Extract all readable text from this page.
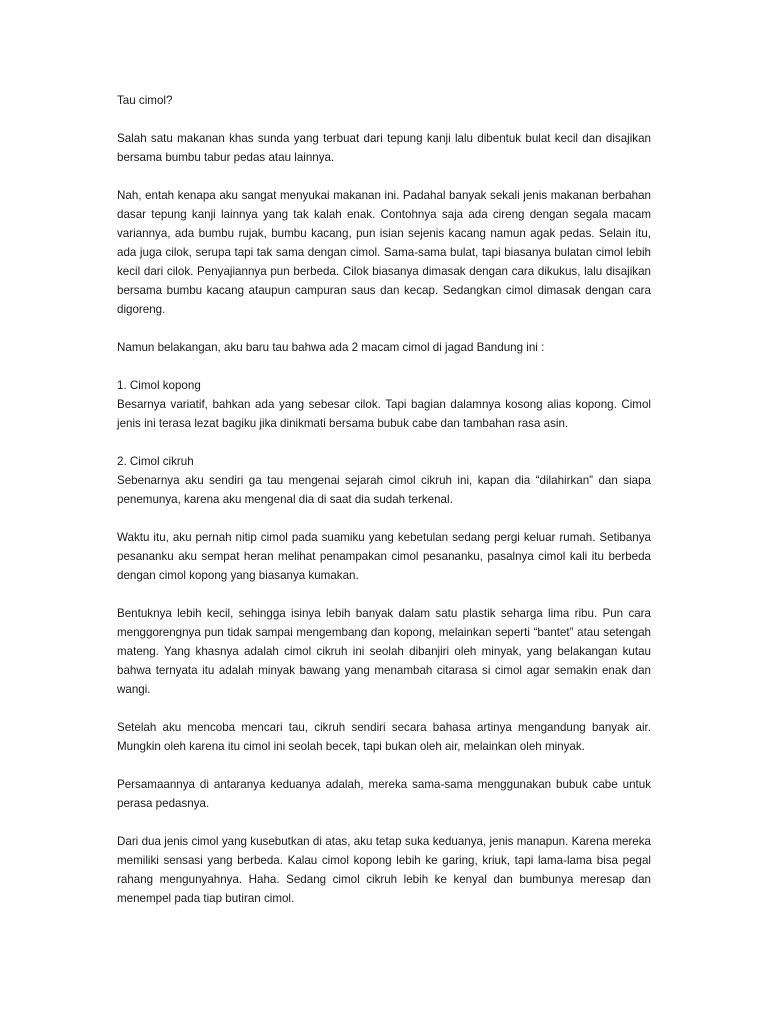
Tau cimol?

Salah satu makanan khas sunda yang terbuat dari tepung kanji lalu dibentuk bulat kecil dan disajikan bersama bumbu tabur pedas atau lainnya.

Nah, entah kenapa aku sangat menyukai makanan ini. Padahal banyak sekali jenis makanan berbahan dasar tepung kanji lainnya yang tak kalah enak. Contohnya saja ada cireng dengan segala macam variannya, ada bumbu rujak, bumbu kacang, pun isian sejenis kacang namun agak pedas. Selain itu, ada juga cilok, serupa tapi tak sama dengan cimol. Sama-sama bulat, tapi biasanya bulatan cimol lebih kecil dari cilok. Penyajiannya pun berbeda. Cilok biasanya dimasak dengan cara dikukus, lalu disajikan bersama bumbu kacang ataupun campuran saus dan kecap. Sedangkan cimol dimasak dengan cara digoreng.

Namun belakangan, aku baru tau bahwa ada 2 macam cimol di jagad Bandung ini :

1. Cimol kopong
Besarnya variatif, bahkan ada yang sebesar cilok. Tapi bagian dalamnya kosong alias kopong. Cimol jenis ini terasa lezat bagiku jika dinikmati bersama bubuk cabe dan tambahan rasa asin.

2. Cimol cikruh
Sebenarnya aku sendiri ga tau mengenai sejarah cimol cikruh ini, kapan dia “dilahirkan” dan siapa penemunya, karena aku mengenal dia di saat dia sudah terkenal.

Waktu itu, aku pernah nitip cimol pada suamiku yang kebetulan sedang pergi keluar rumah. Setibanya pesananku aku sempat heran melihat penampakan cimol pesananku, pasalnya cimol kali itu berbeda dengan cimol kopong yang biasanya kumakan.

Bentuknya lebih kecil, sehingga isinya lebih banyak dalam satu plastik seharga lima ribu. Pun cara menggorengnya pun tidak sampai mengembang dan kopong, melainkan seperti “bantet” atau setengah mateng. Yang khasnya adalah cimol cikruh ini seolah dibanjiri oleh minyak, yang belakangan kutau bahwa ternyata itu adalah minyak bawang yang menambah citarasa si cimol agar semakin enak dan wangi.

Setelah aku mencoba mencari tau, cikruh sendiri secara bahasa artinya mengandung banyak air. Mungkin oleh karena itu cimol ini seolah becek, tapi bukan oleh air, melainkan oleh minyak.

Persamaannya di antaranya keduanya adalah, mereka sama-sama menggunakan bubuk cabe untuk perasa pedasnya.

Dari dua jenis cimol yang kusebutkan di atas, aku tetap suka keduanya, jenis manapun. Karena mereka memiliki sensasi yang berbeda. Kalau cimol kopong lebih ke garing, kriuk, tapi lama-lama bisa pegal rahang mengunyahnya. Haha. Sedang cimol cikruh lebih ke kenyal dan bumbunya meresap dan menempel pada tiap butiran cimol.
